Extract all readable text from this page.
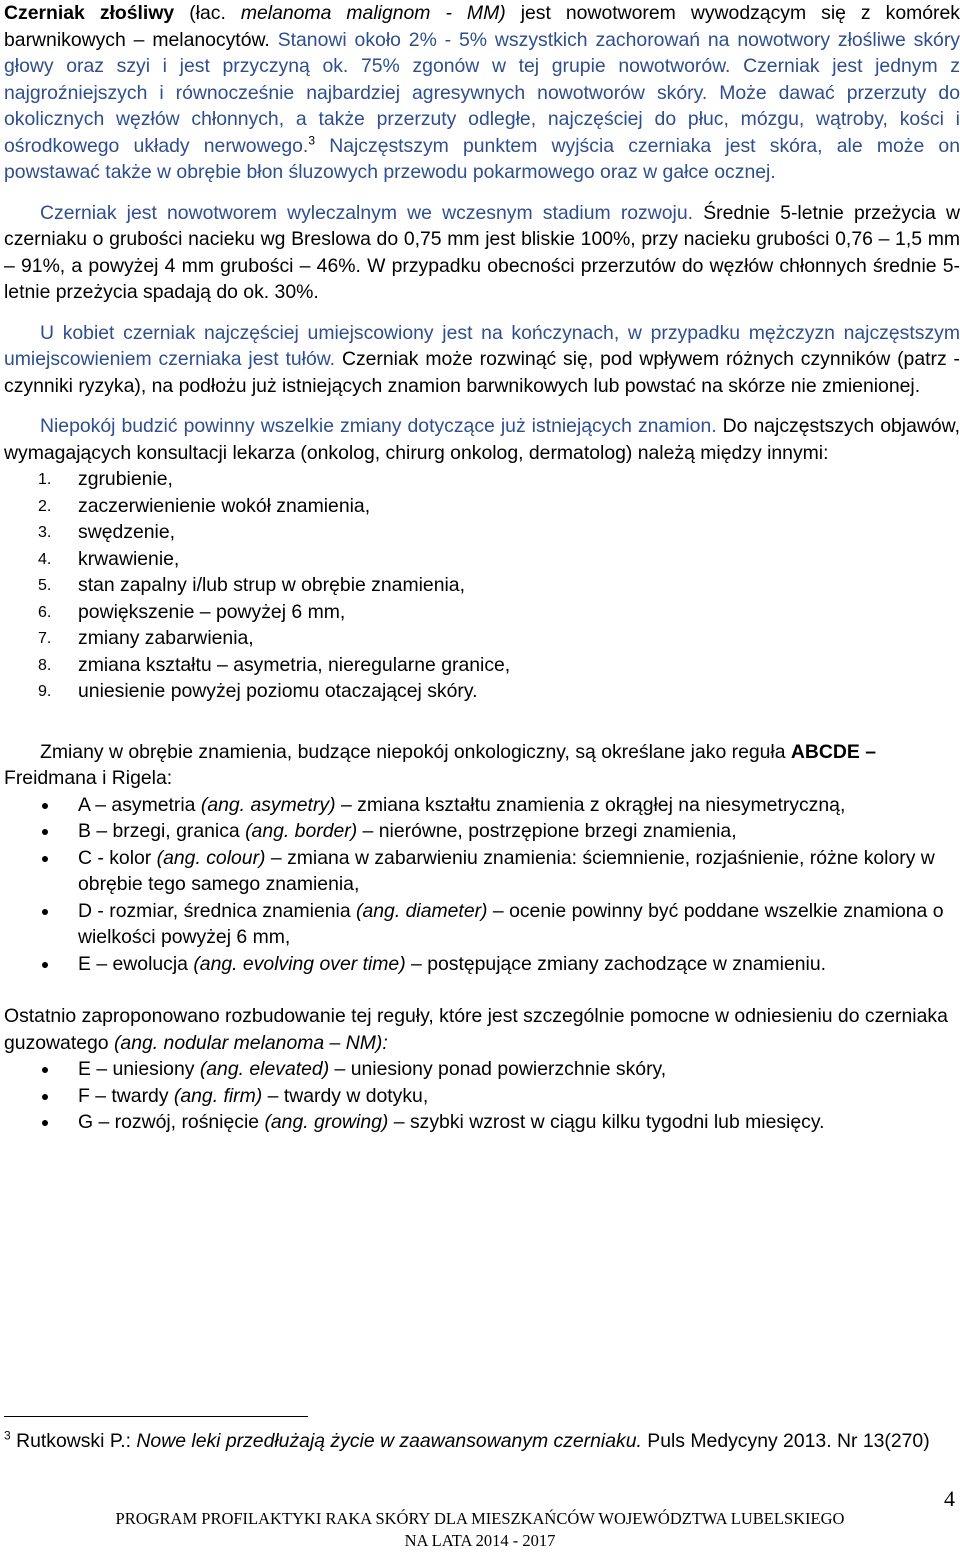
Czerniak złośliwy (łac. melanoma malignom - MM) jest nowotworem wywodzącym się z komórek barwnikowych – melanocytów. Stanowi około 2% - 5% wszystkich zachorowań na nowotwory złośliwe skóry głowy oraz szyi i jest przyczyną ok. 75% zgonów w tej grupie nowotworów. Czerniak jest jednym z najgroźniejszych i równocześnie najbardziej agresywnych nowotworów skóry. Może dawać przerzuty do okolicznych węzłów chłonnych, a także przerzuty odległe, najczęściej do płuc, mózgu, wątroby, kości i ośrodkowego układy nerwowego.$^3$ Najczęstszym punktem wyjścia czerniaka jest skóra, ale może on powstawać także w obrębie błon śluzowych przewodu pokarmowego oraz w gałce ocznej.

Czerniak jest nowotworem wyleczalnym we wczesnym stadium rozwoju. Średnie 5-letnie przeżycia w czerniaku o grubości nacieku wg Breslowa do 0,75 mm jest bliskie 100%, przy nacieku grubości 0,76 – 1,5 mm – 91%, a powyżej 4 mm grubości – 46%. W przypadku obecności przerzutów do węzłów chłonnych średnie 5-letnie przeżycia spadają do ok. 30%.

U kobiet czerniak najczęściej umiejscowiony jest na kończynach, w przypadku mężczyzn najczęstszym umiejscowieniem czerniaka jest tułów. Czerniak może rozwinąć się, pod wpływem różnych czynników (patrz - czynniki ryzyka), na podłożu już istniejących znamion barwnikowych lub powstać na skórze nie zmienionej.

Niepokój budzić powinny wszelkie zmiany dotyczące już istniejących znamion. Do najczęstszych objawów, wymagających konsultacji lekarza (onkolog, chirurg onkolog, dermatolog) należą między innymi:

1. zgrubienie,
2. zaczerwienienie wokół znamienia,
3. swędzenie,
4. krwawienie,
5. stan zapalny i/lub strup w obrębie znamienia,
6. powiększenie – powyżej 6 mm,
7. zmiany zabarwienia,
8. zmiana kształtu – asymetria, nieregularne granice,
9. uniesienie powyżej poziomu otaczającej skóry.

Zmiany w obrębie znamienia, budzące niepokój onkologiczny, są określane jako reguła ABCDE – Freidmana i Rigela:

A – asymetria (ang. asymetry) – zmiana kształtu znamienia z okrągłej na niesymetryczną,
B – brzegi, granica (ang. border) – nierówne, postrzępione brzegi znamienia,
C - kolor (ang. colour) – zmiana w zabarwieniu znamienia: ściemnienie, rozjaśnienie, różne kolory w obrębie tego samego znamienia,
D - rozmiar, średnica znamienia (ang. diameter) – ocenie powinny być poddane wszelkie znamiona o wielkości powyżej 6 mm,
E – ewolucja (ang. evolving over time) – postępujące zmiany zachodzące w znamieniu.

Ostatnio zaproponowano rozbudowanie tej reguły, które jest szczególnie pomocne w odniesieniu do czerniaka guzowatego (ang. nodular melanoma – NM):

E – uniesiony (ang. elevated) – uniesiony ponad powierzchnie skóry,
F – twardy (ang. firm) – twardy w dotyku,
G – rozwój, rośnięcie (ang. growing) – szybki wzrost w ciągu kilku tygodni lub miesięcy.
$^3$ Rutkowski P.: Nowe leki przedłużają życie w zaawansowanym czerniaku. Puls Medycyny 2013. Nr 13(270)
4
PROGRAM PROFILAKTYKI RAKA SKÓRY DLA MIESZKAŃCÓW WOJEWÓDZTWA LUBELSKIEGO
NA LATA 2014 - 2017
